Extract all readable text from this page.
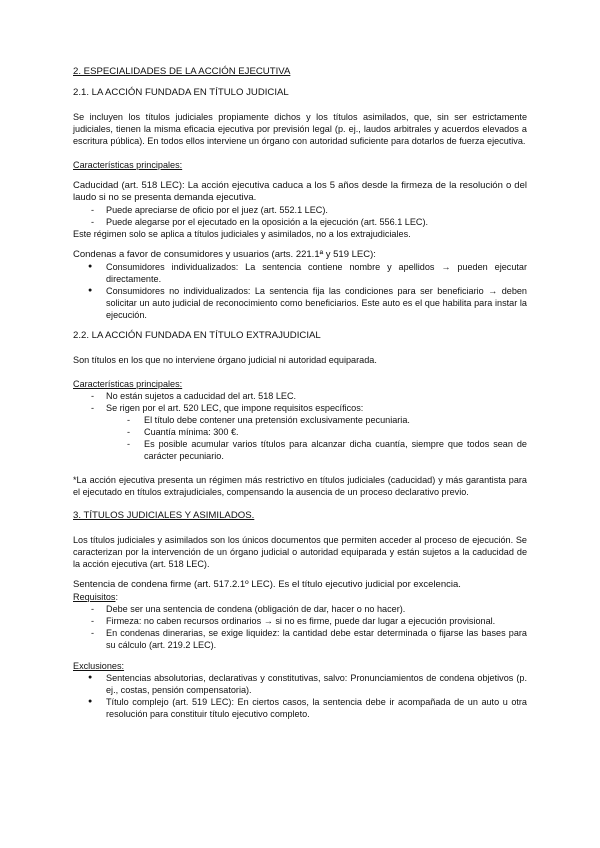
2. ESPECIALIDADES DE LA ACCIÓN EJECUTIVA
2.1. LA ACCIÓN FUNDADA EN TÍTULO JUDICIAL

Se incluyen los títulos judiciales propiamente dichos y los títulos asimilados, que, sin ser estrictamente judiciales, tienen la misma eficacia ejecutiva por previsión legal (p. ej., laudos arbitrales y acuerdos elevados a escritura pública). En todos ellos interviene un órgano con autoridad suficiente para dotarlos de fuerza ejecutiva.

Características principales:

Caducidad (art. 518 LEC): La acción ejecutiva caduca a los 5 años desde la firmeza de la resolución o del laudo si no se presenta demanda ejecutiva.

- Puede apreciarse de oficio por el juez (art. 552.1 LEC).
- Puede alegarse por el ejecutado en la oposición a la ejecución (art. 556.1 LEC).

Este régimen solo se aplica a títulos judiciales y asimilados, no a los extrajudiciales.

Condenas a favor de consumidores y usuarios (arts. 221.1ª y 519 LEC):

● Consumidores individualizados: La sentencia contiene nombre y apellidos → pueden ejecutar directamente.
● Consumidores no individualizados: La sentencia fija las condiciones para ser beneficiario → deben solicitar un auto judicial de reconocimiento como beneficiarios. Este auto es el que habilita para instar la ejecución.
2.2. LA ACCIÓN FUNDADA EN TÍTULO EXTRAJUDICIAL

Son títulos en los que no interviene órgano judicial ni autoridad equiparada.

Características principales:

- No están sujetos a caducidad del art. 518 LEC.
- Se rigen por el art. 520 LEC, que impone requisitos específicos:
- El título debe contener una pretensión exclusivamente pecuniaria.
- Cuantía mínima: 300 €.
- Es posible acumular varios títulos para alcanzar dicha cuantía, siempre que todos sean de carácter pecuniario.

*La acción ejecutiva presenta un régimen más restrictivo en títulos judiciales (caducidad) y más garantista para el ejecutado en títulos extrajudiciales, compensando la ausencia de un proceso declarativo previo.

3. TÍTULOS JUDICIALES Y ASIMILADOS.

Los títulos judiciales y asimilados son los únicos documentos que permiten acceder al proceso de ejecución. Se caracterizan por la intervención de un órgano judicial o autoridad equiparada y están sujetos a la caducidad de la acción ejecutiva (art. 518 LEC).

Sentencia de condena firme (art. 517.2.1º LEC). Es el título ejecutivo judicial por excelencia.

Requisitos:

- Debe ser una sentencia de condena (obligación de dar, hacer o no hacer).
- Firmeza: no caben recursos ordinarios → si no es firme, puede dar lugar a ejecución provisional.
- En condenas dinerarias, se exige liquidez: la cantidad debe estar determinada o fijarse las bases para su cálculo (art. 219.2 LEC).

Exclusiones:

● Sentencias absolutorias, declarativas y constitutivas, salvo: Pronunciamientos de condena objetivos (p. ej., costas, pensión compensatoria).
● Título complejo (art. 519 LEC): En ciertos casos, la sentencia debe ir acompañada de un auto u otra resolución para constituir título ejecutivo completo.
